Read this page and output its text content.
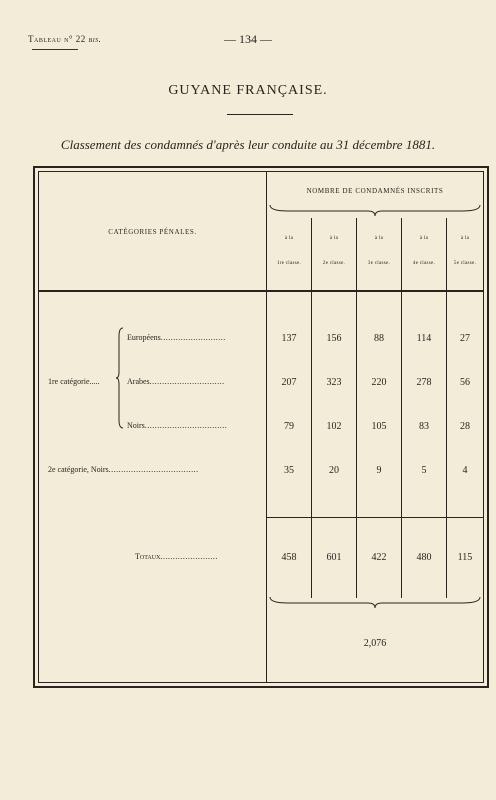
Tableau n° 22 bis.	— 134 —
GUYANE FRANÇAISE.
Classement des condamnés d'après leur conduite au 31 décembre 1881.
CATÉGORIES PÉNALES.
NOMBRE DE CONDAMNÉS INSCRITS
à la
1re classe.
à la
2e classe.
à la
3e classe.
à la
4e classe.
à la
5e classe.
1re catégorie.....
Européens..........................	137	156	88	114	27
Arabes..............................	207	323	220	278	56
Noirs.................................	79	102	105	83	28
2e catégorie, Noirs....................................	35	20	9	5	4
Totaux.......................	458	601	422	480	115
2,076
